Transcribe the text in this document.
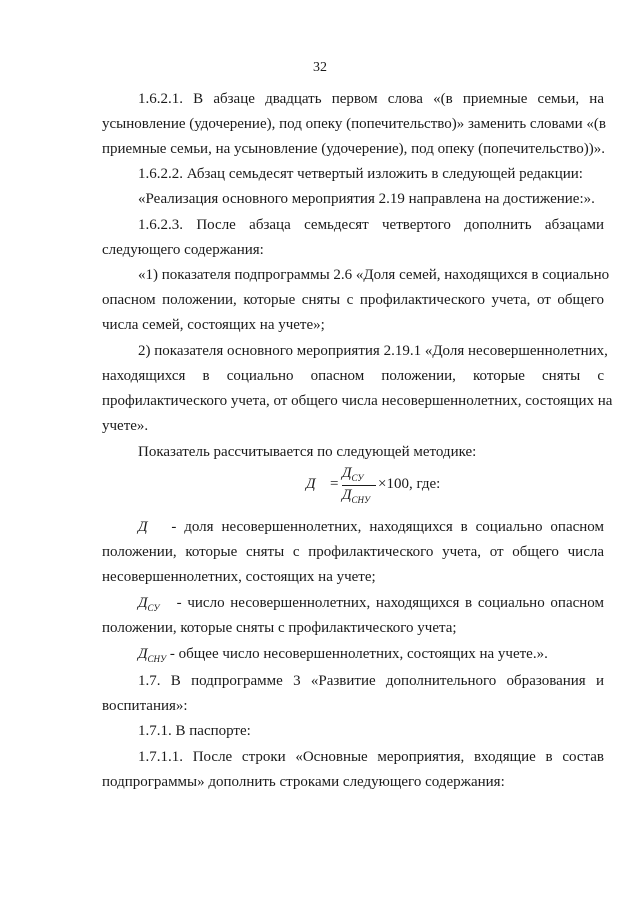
32
1.6.2.1. В абзаце двадцать первом слова «(в приемные семьи, на
усыновление (удочерение), под опеку (попечительство)» заменить словами «(в
приемные семьи, на усыновление (удочерение), под опеку (попечительство))».
1.6.2.2. Абзац семьдесят четвертый изложить в следующей редакции:
«Реализация основного мероприятия 2.19 направлена на достижение:».
1.6.2.3. После абзаца семьдесят четвертого дополнить абзацами
следующего содержания:
«1) показателя подпрограммы 2.6 «Доля семей, находящихся в социально
опасном положении, которые сняты с профилактического учета, от общего
числа семей, состоящих на учете»;
2) показателя основного мероприятия 2.19.1 «Доля несовершеннолетних,
находящихся в социально опасном положении, которые сняты с
профилактического учета, от общего числа несовершеннолетних, состоящих на
учете».
Показатель рассчитывается по следующей методике:
Д =
$Д_{СУ}$
$Д_{СНУ}$
×100, где:
Д - доля несовершеннолетних, находящихся в социально опасном
положении, которые сняты с профилактического учета, от общего числа
несовершеннолетних, состоящих на учете;
$Д_{СУ}$ - число несовершеннолетних, находящихся в социально опасном
положении, которые сняты с профилактического учета;
$Д_{СНУ}$ - общее число несовершеннолетних, состоящих на учете.».
1.7. В подпрограмме 3 «Развитие дополнительного образования и
воспитания»:
1.7.1. В паспорте:
1.7.1.1. После строки «Основные мероприятия, входящие в состав
подпрограммы» дополнить строками следующего содержания:
